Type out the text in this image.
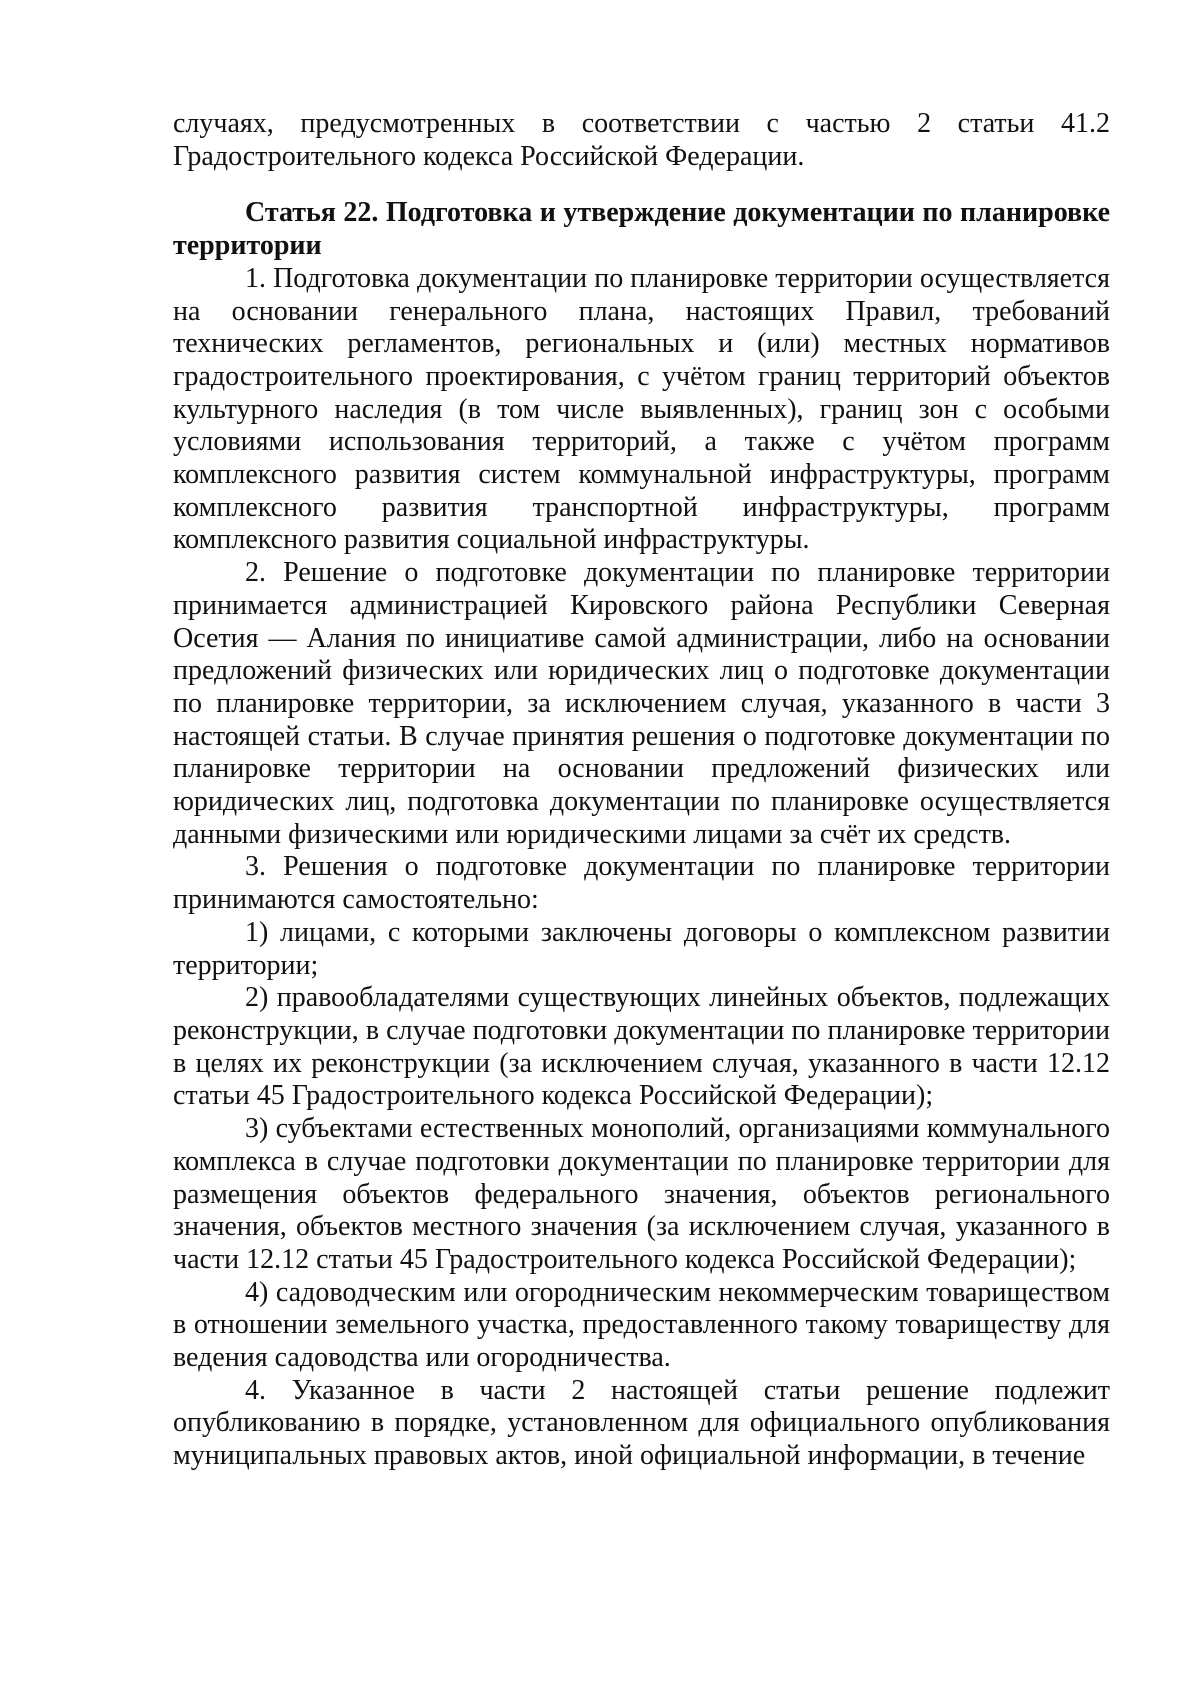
случаях, предусмотренных в соответствии с частью 2 статьи 41.2 Градостроительного кодекса Российской Федерации.

Статья 22. Подготовка и утверждение документации по планировке территории

1. Подготовка документации по планировке территории осуществляется на основании генерального плана, настоящих Правил, требований технических регламентов, региональных и (или) местных нормативов градостроительного проектирования, с учётом границ территорий объектов культурного наследия (в том числе выявленных), границ зон с особыми условиями использования территорий, а также с учётом программ комплексного развития систем коммунальной инфраструктуры, программ комплексного развития транспортной инфраструктуры, программ комплексного развития социальной инфраструктуры.

2. Решение о подготовке документации по планировке территории принимается администрацией Кировского района Республики Северная Осетия — Алания по инициативе самой администрации, либо на основании предложений физических или юридических лиц о подготовке документации по планировке территории, за исключением случая, указанного в части 3 настоящей статьи. В случае принятия решения о подготовке документации по планировке территории на основании предложений физических или юридических лиц, подготовка документации по планировке осуществляется данными физическими или юридическими лицами за счёт их средств.

3. Решения о подготовке документации по планировке территории принимаются самостоятельно:

1) лицами, с которыми заключены договоры о комплексном развитии территории;

2) правообладателями существующих линейных объектов, подлежащих реконструкции, в случае подготовки документации по планировке территории в целях их реконструкции (за исключением случая, указанного в части 12.12 статьи 45 Градостроительного кодекса Российской Федерации);

3) субъектами естественных монополий, организациями коммунального комплекса в случае подготовки документации по планировке территории для размещения объектов федерального значения, объектов регионального значения, объектов местного значения (за исключением случая, указанного в части 12.12 статьи 45 Градостроительного кодекса Российской Федерации);

4) садоводческим или огородническим некоммерческим товариществом в отношении земельного участка, предоставленного такому товариществу для ведения садоводства или огородничества.

4. Указанное в части 2 настоящей статьи решение подлежит опубликованию в порядке, установленном для официального опубликования муниципальных правовых актов, иной официальной информации, в течение
